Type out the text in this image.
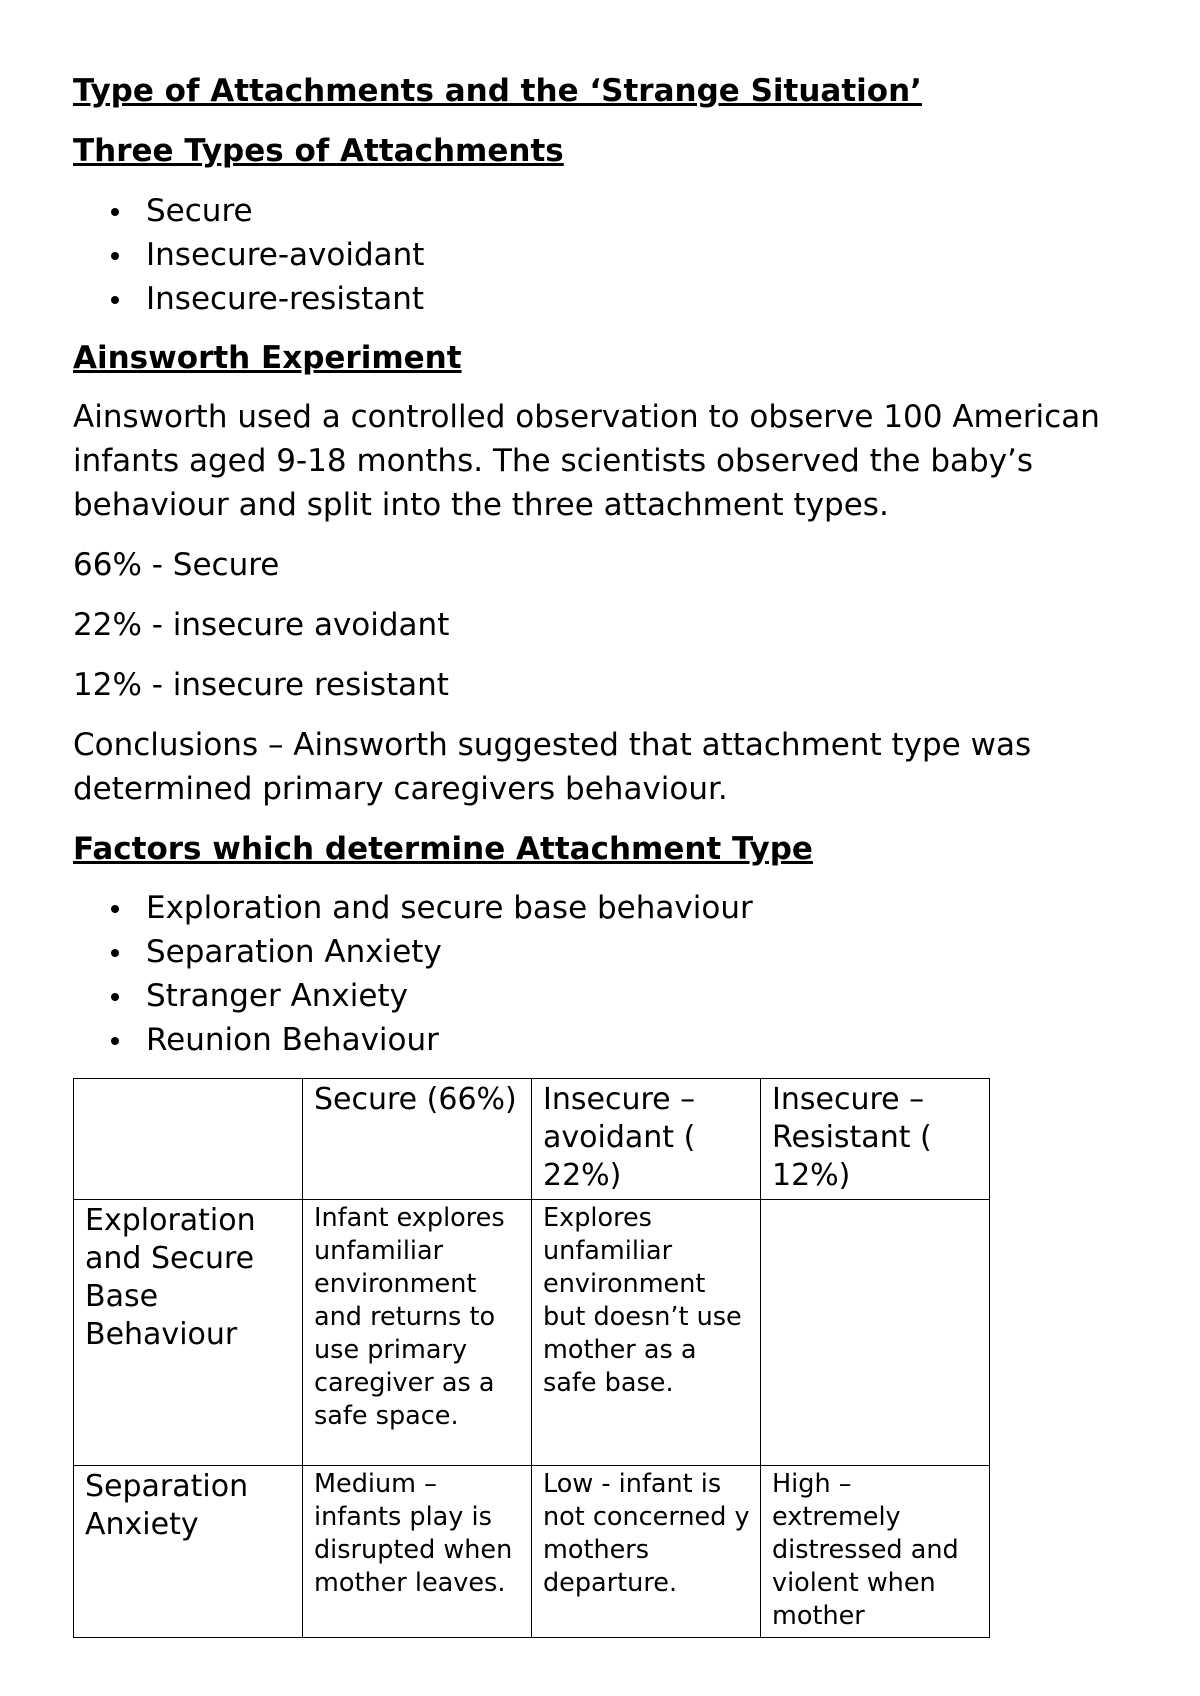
Type of Attachments and the ‘Strange Situation’
Three Types of Attachments
Secure
Insecure-avoidant
Insecure-resistant
Ainsworth Experiment
Ainsworth used a controlled observation to observe 100 American infants aged 9-18 months. The scientists observed the baby’s behaviour and split into the three attachment types.
66% - Secure
22% - insecure avoidant
12% - insecure resistant
Conclusions – Ainsworth suggested that attachment type was determined primary caregivers behaviour.
Factors which determine Attachment Type
Exploration and secure base behaviour
Separation Anxiety
Stranger Anxiety
Reunion Behaviour
	Secure (66%)	Insecure – avoidant ( 22%)	Insecure – Resistant ( 12%)
Exploration and Secure Base Behaviour	Infant explores unfamiliar environment and returns to use primary caregiver as a safe space.	Explores unfamiliar environment but doesn’t use mother as a safe base.	
Separation Anxiety	Medium – infants play is disrupted when mother leaves.	Low - infant is not concerned y mothers departure.	High – extremely distressed and violent when mother
